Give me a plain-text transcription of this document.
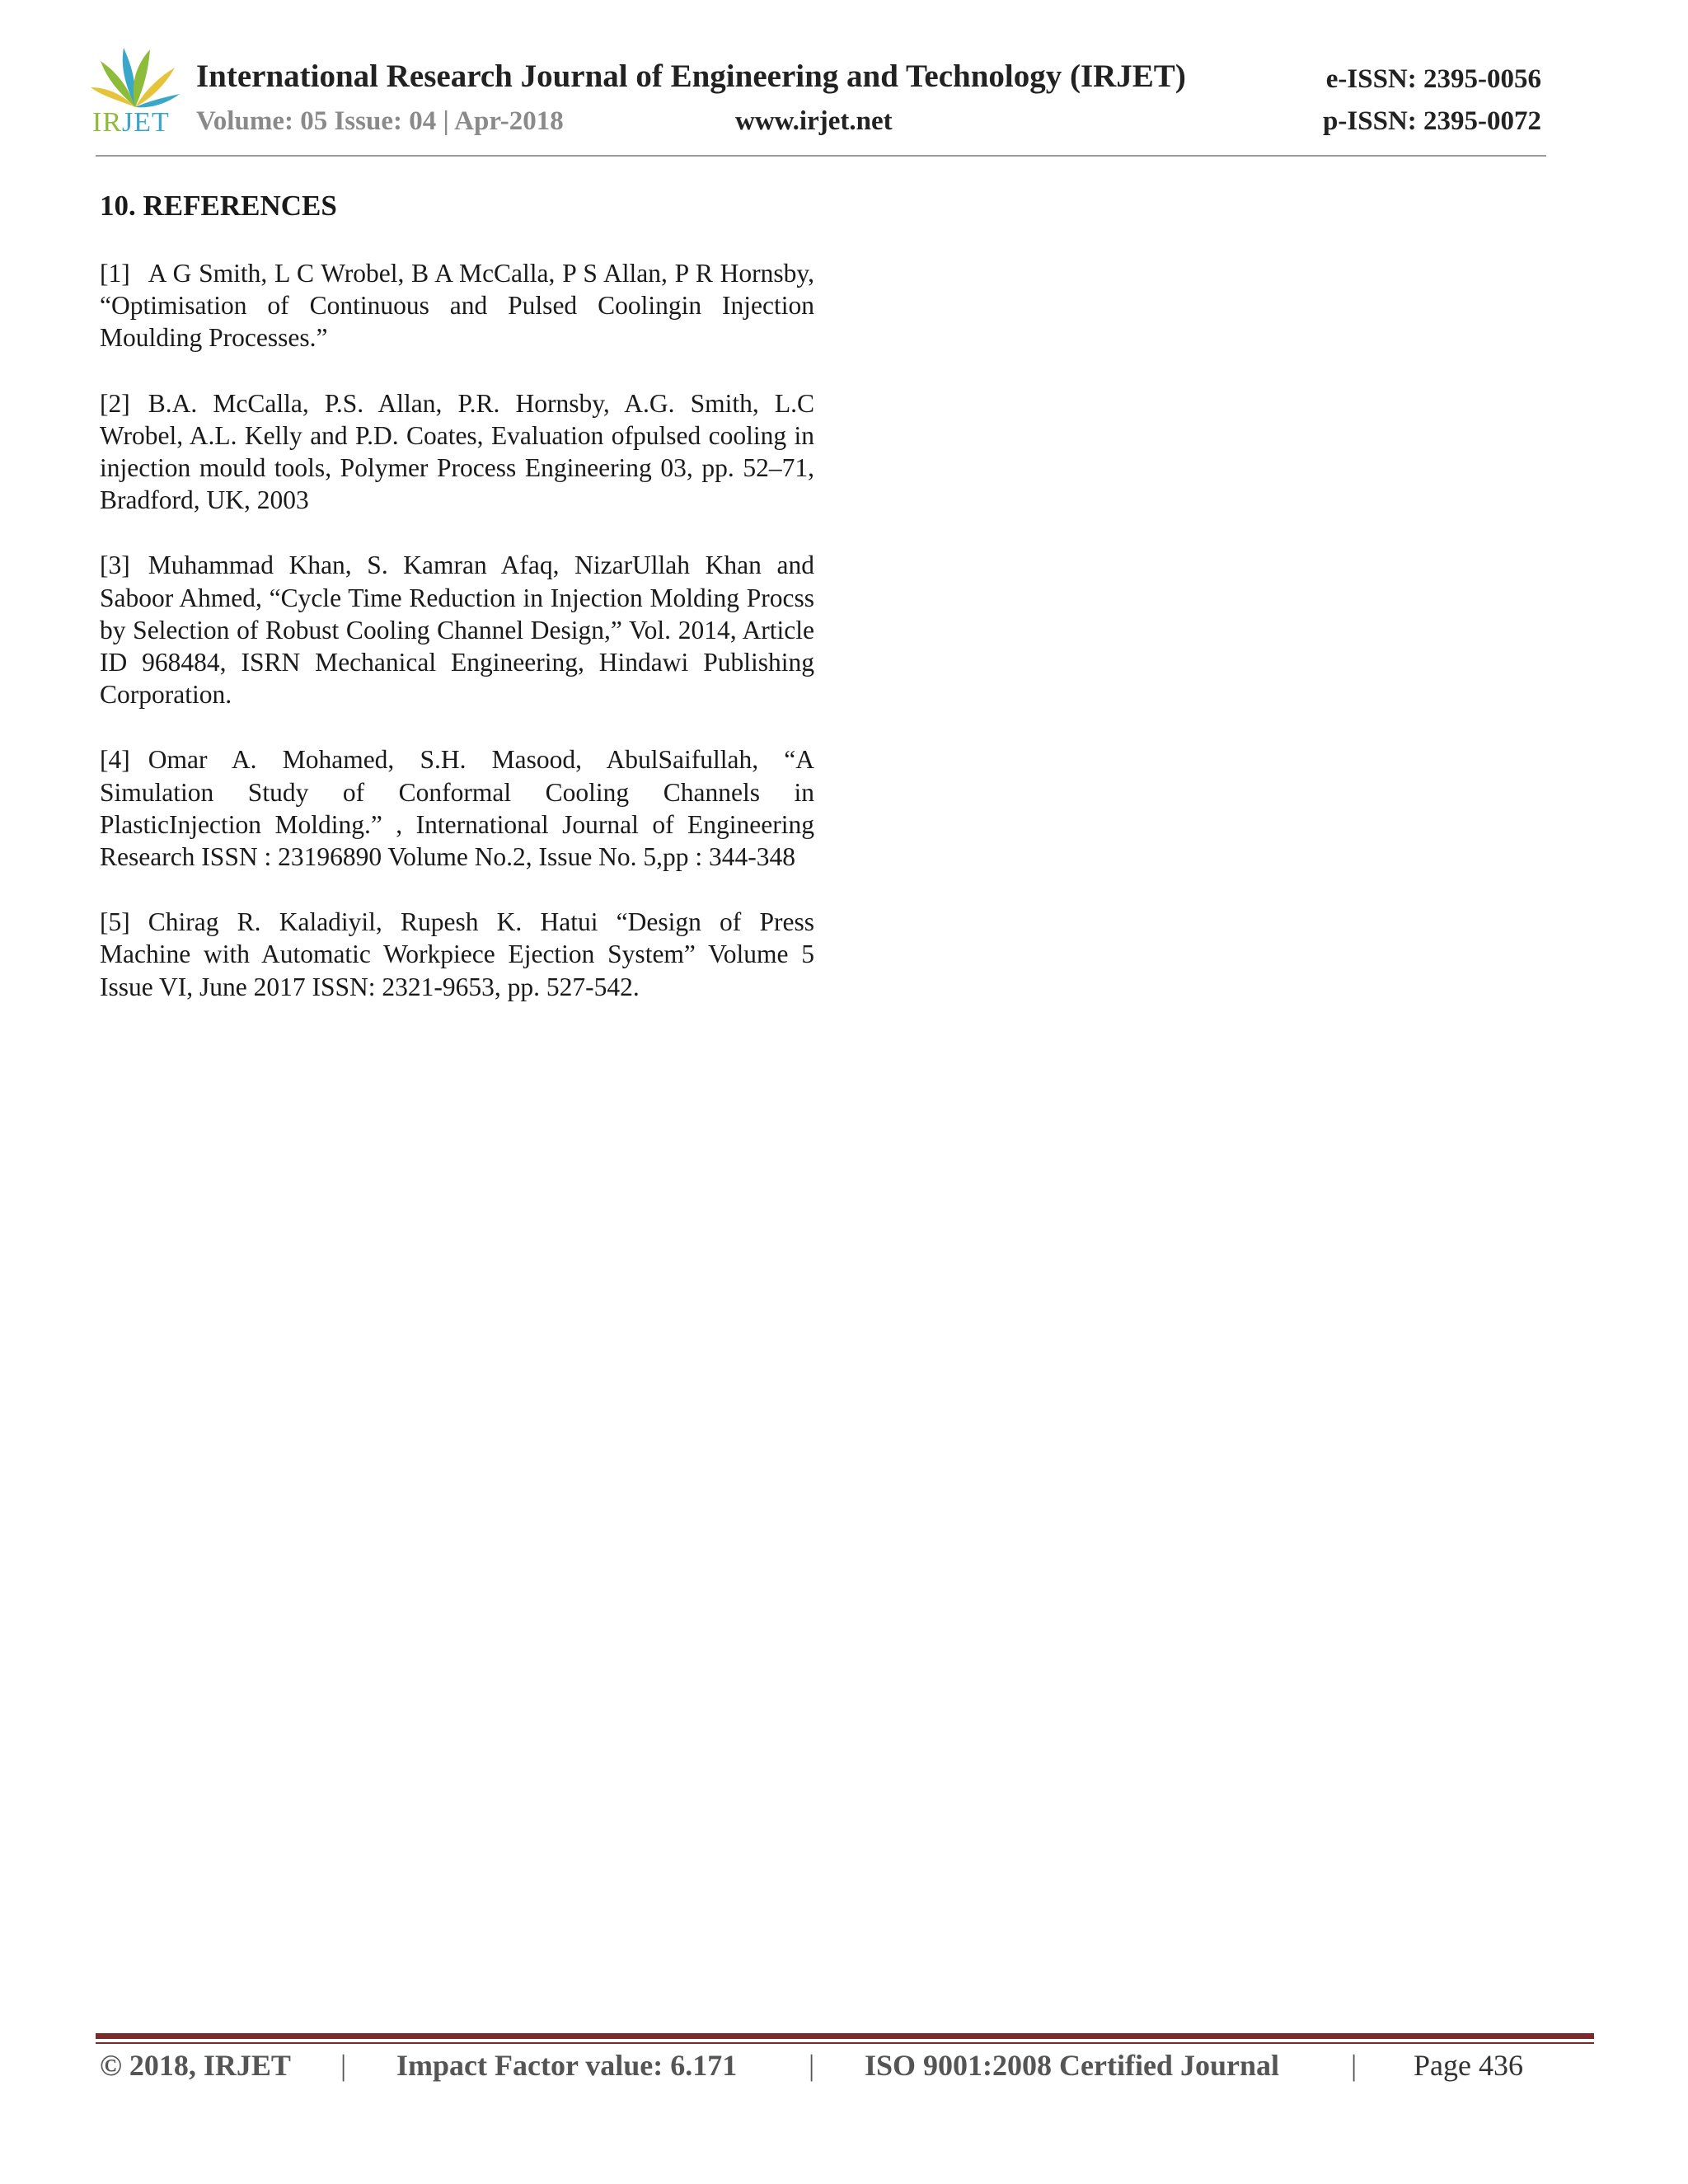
IRJET
International Research Journal of Engineering and Technology (IRJET)	e-ISSN: 2395-0056
Volume: 05 Issue: 04 | Apr-2018	www.irjet.net	p-ISSN: 2395-0072
10. REFERENCES

[1] A G Smith, L C Wrobel, B A McCalla, P S Allan, P R Hornsby, “Optimisation of Continuous and Pulsed Coolingin Injection Moulding Processes.”

[2] B.A. McCalla, P.S. Allan, P.R. Hornsby, A.G. Smith, L.C Wrobel, A.L. Kelly and P.D. Coates, Evaluation ofpulsed cooling in injection mould tools, Polymer Process Engineering 03, pp. 52–71, Bradford, UK, 2003

[3] Muhammad Khan, S. Kamran Afaq, NizarUllah Khan and Saboor Ahmed, “Cycle Time Reduction in Injection Molding Procss by Selection of Robust Cooling Channel Design,” Vol. 2014, Article ID 968484, ISRN Mechanical Engineering, Hindawi Publishing Corporation.

[4] Omar A. Mohamed, S.H. Masood, AbulSaifullah, “A Simulation Study of Conformal Cooling Channels in PlasticInjection Molding.” , International Journal of Engineering Research ISSN : 23196890 Volume No.2, Issue No. 5,pp : 344-348

[5] Chirag R. Kaladiyil, Rupesh K. Hatui “Design of Press Machine with Automatic Workpiece Ejection System” Volume 5 Issue VI, June 2017 ISSN: 2321-9653, pp. 527-542.

© 2018, IRJET | Impact Factor value: 6.171 | ISO 9001:2008 Certified Journal | Page 436
